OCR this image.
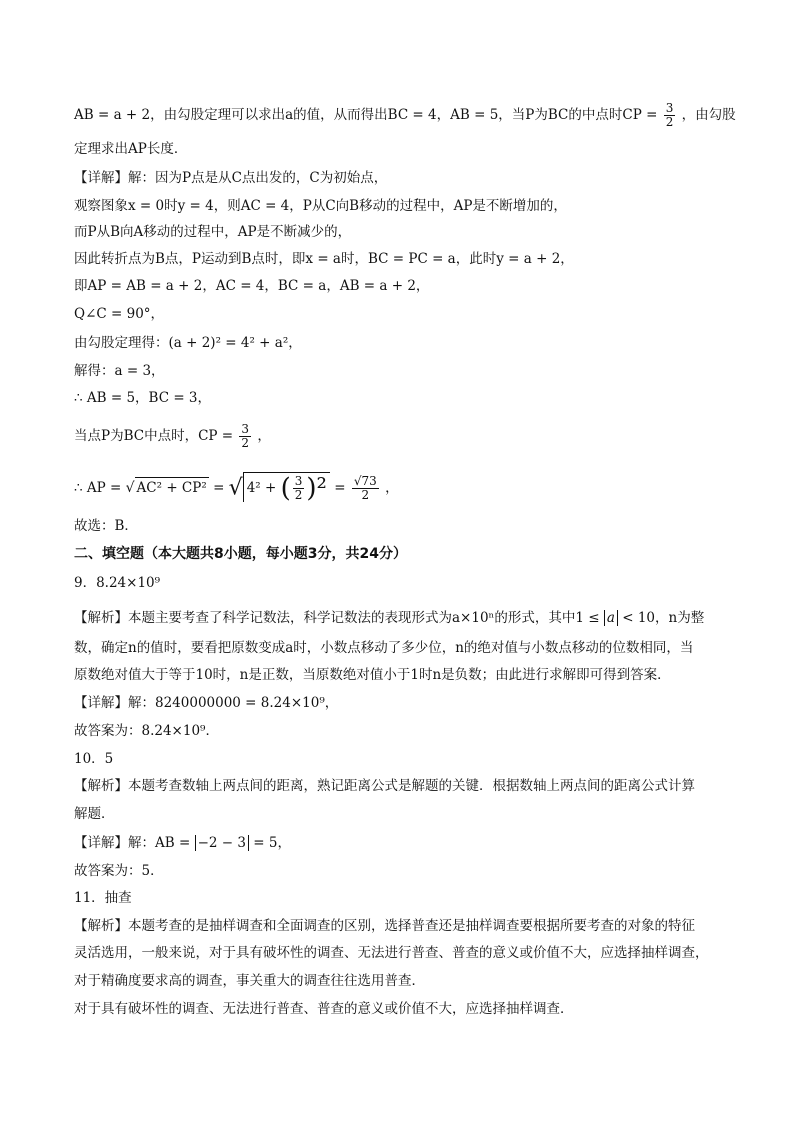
AB = a + 2，由勾股定理可以求出a的值，从而得出BC = 4，AB = 5，当P为BC的中点时CP = $\frac{3}{2}$ ，由勾股
定理求出AP长度．
【详解】解：因为P点是从C点出发的，C为初始点，
观察图象x = 0时y = 4，则AC = 4，P从C向B移动的过程中，AP是不断增加的，
而P从B向A移动的过程中，AP是不断减少的，
因此转折点为B点，P运动到B点时，即x = a时，BC = PC = a，此时y = a + 2，
即AP = AB = a + 2，AC = 4，BC = a，AB = a + 2，
Q∠C = 90°，
由勾股定理得：(a + 2)² = 4² + a²，
解得：a = 3，
∴ AB = 5，BC = 3，
当点P为BC中点时，CP = $\frac{3}{2}$ ，
∴ AP = √ AC² + CP² = √ 4² + ( $\frac{3}{2} )^2 = \frac{√73}{2}$ ，
故选：B．
二、填空题（本大题共8小题，每小题3分，共24分）
9．8.24×10⁹
【解析】本题主要考查了科学记数法，科学记数法的表现形式为a×10ⁿ的形式，其中1 ≤ a < 10，n为整
数，确定n的值时，要看把原数变成a时，小数点移动了多少位，n的绝对值与小数点移动的位数相同，当
原数绝对值大于等于10时，n是正数，当原数绝对值小于1时n是负数；由此进行求解即可得到答案．
【详解】解：8240000000 = 8.24×10⁹，
故答案为：8.24×10⁹．
10．5
【解析】本题考查数轴上两点间的距离，熟记距离公式是解题的关键．根据数轴上两点间的距离公式计算
解题．
【详解】解：AB = −2 − 3 = 5，
故答案为：5．
11．抽查
【解析】本题考查的是抽样调查和全面调查的区别，选择普查还是抽样调查要根据所要考查的对象的特征
灵活选用，一般来说，对于具有破坏性的调查、无法进行普查、普查的意义或价值不大，应选择抽样调查，
对于精确度要求高的调查，事关重大的调查往往选用普查．
对于具有破坏性的调查、无法进行普查、普查的意义或价值不大，应选择抽样调查．
